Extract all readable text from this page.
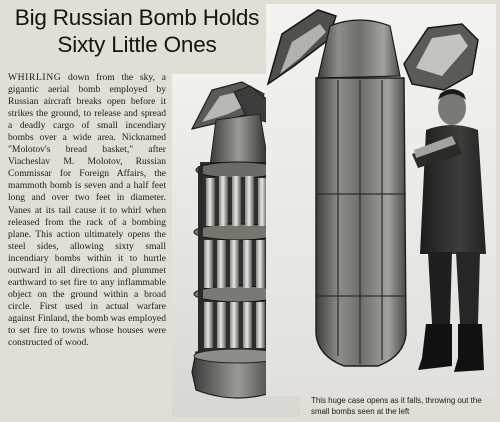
Big Russian Bomb Holds
Sixty Little Ones
WHIRLING down from the sky, a gigantic aerial bomb employed by Russian aircraft breaks open before it strikes the ground, to release and spread a deadly cargo of small incendiary bombs over a wide area. Nicknamed "Molotov's bread basket," after Viacheslav M. Molotov, Russian Commissar for Foreign Affairs, the mammoth bomb is seven and a half feet long and over two feet in diameter. Vanes at its tail cause it to whirl when released from the rack of a bombing plane. This action ultimately opens the steel sides, allowing sixty small incendiary bombs within it to hurtle outward in all directions and plummet earthward to set fire to any inflammable object on the ground within a broad circle. First used in actual warfare against Finland, the bomb was employed to set fire to towns whose houses were constructed of wood.
This huge case opens as it falls, throwing out the small bombs seen at the left
